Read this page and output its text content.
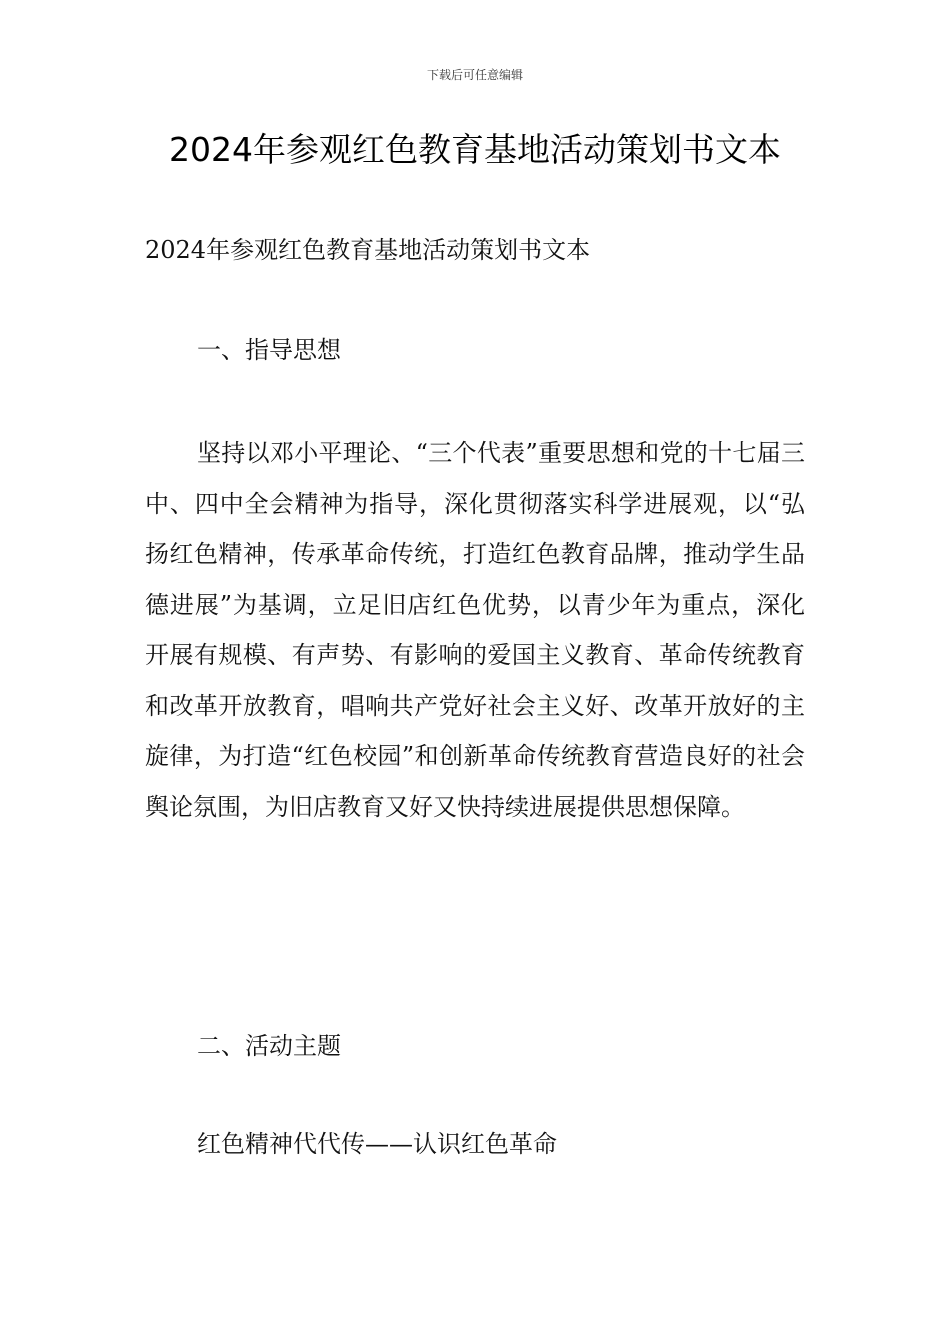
下载后可任意编辑
2024年参观红色教育基地活动策划书文本

2024年参观红色教育基地活动策划书文本

一、指导思想

坚持以邓小平理论、“三个代表”重要思想和党的十七届三中、四中全会精神为指导，深化贯彻落实科学进展观，以“弘扬红色精神，传承革命传统，打造红色教育品牌，推动学生品德进展”为基调，立足旧店红色优势，以青少年为重点，深化开展有规模、有声势、有影响的爱国主义教育、革命传统教育和改革开放教育，唱响共产党好社会主义好、改革开放好的主旋律，为打造“红色校园”和创新革命传统教育营造良好的社会舆论氛围，为旧店教育又好又快持续进展提供思想保障。

二、活动主题

红色精神代代传——认识红色革命
